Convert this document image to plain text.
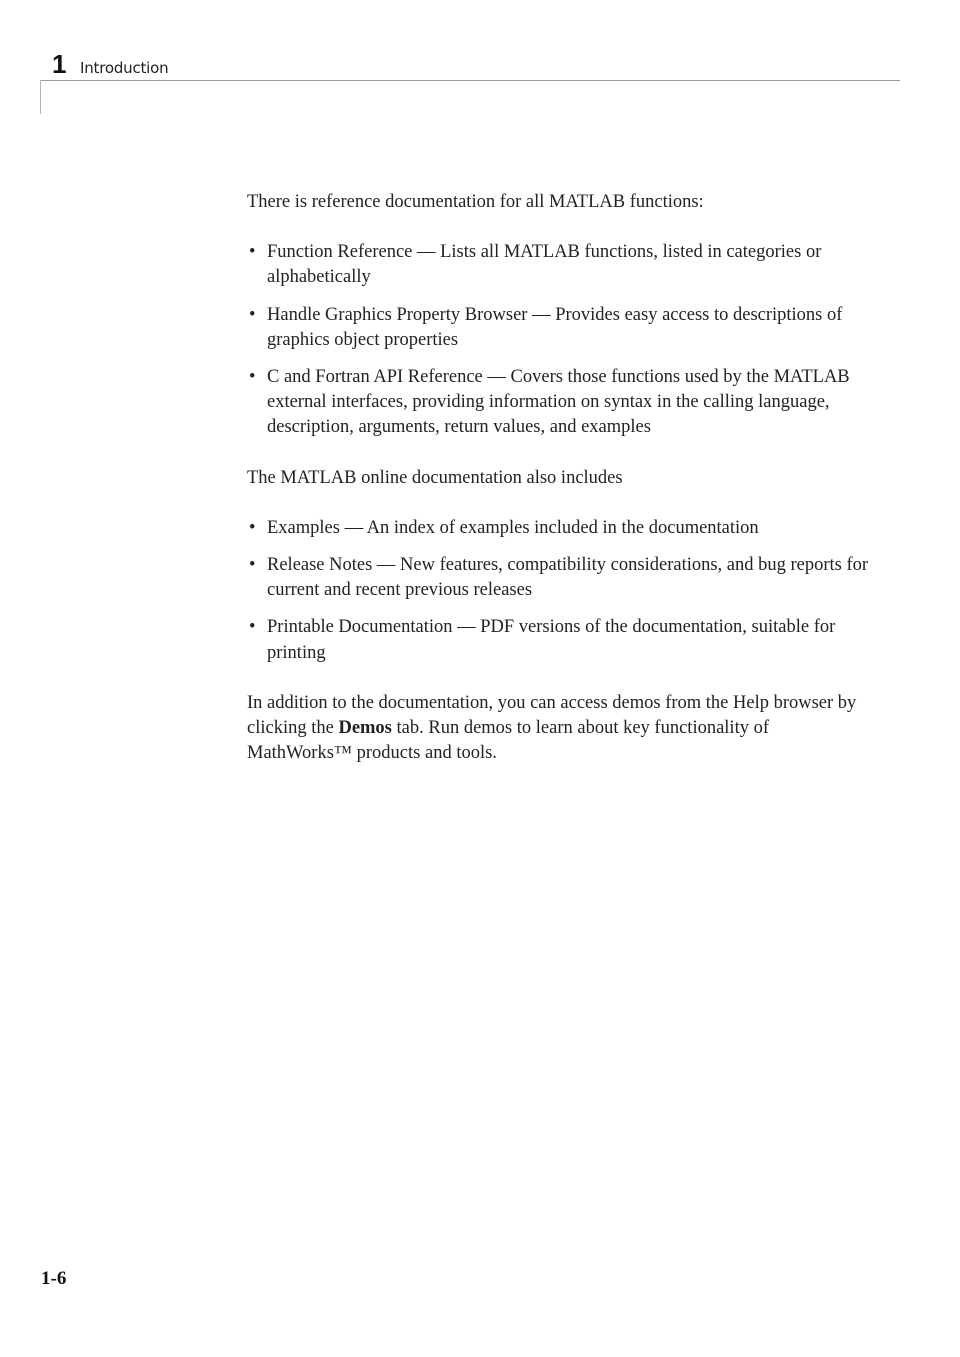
1 Introduction

There is reference documentation for all MATLAB functions:

• Function Reference — Lists all MATLAB functions, listed in categories or alphabetically
• Handle Graphics Property Browser — Provides easy access to descriptions of graphics object properties
• C and Fortran API Reference — Covers those functions used by the MATLAB external interfaces, providing information on syntax in the calling language, description, arguments, return values, and examples

The MATLAB online documentation also includes

• Examples — An index of examples included in the documentation
• Release Notes — New features, compatibility considerations, and bug reports for current and recent previous releases
• Printable Documentation — PDF versions of the documentation, suitable for printing

In addition to the documentation, you can access demos from the Help browser by clicking the Demos tab. Run demos to learn about key functionality of MathWorks™ products and tools.

1-6
